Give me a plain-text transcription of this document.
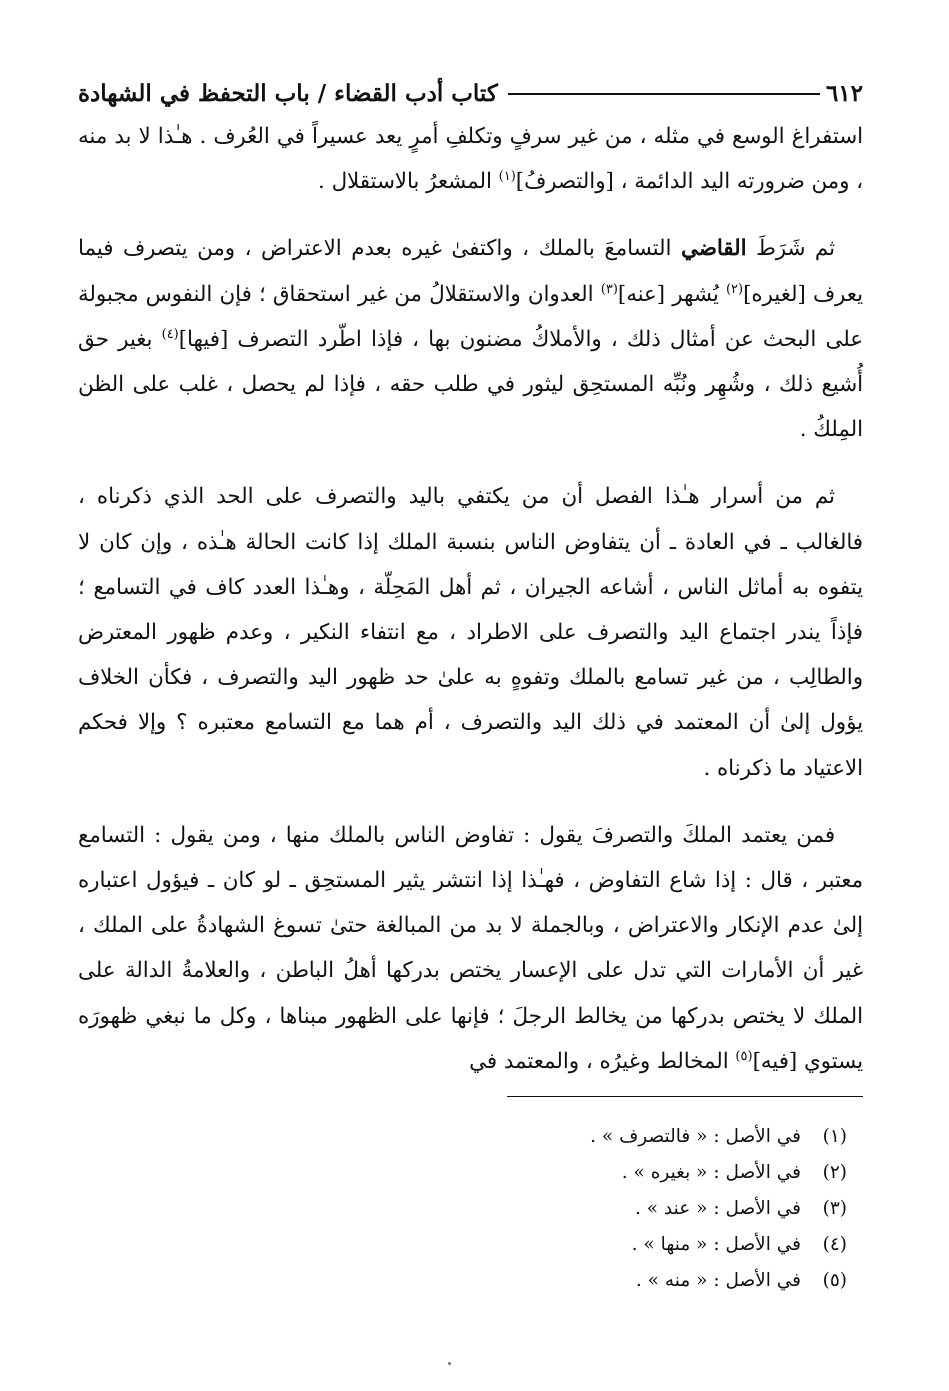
٦١٢
كتاب أدب القضاء / باب التحفظ في الشهادة

استفراغ الوسع في مثله ، من غير سرفٍ وتكلفِ أمرٍ يعد عسيراً في العُرف . هـٰذا لا بد منه ، ومن ضرورته اليد الدائمة ، [والتصرفُ]$^{(١)}$ المشعرُ بالاستقلال .

ثم شَرَطَ القاضي التسامعَ بالملك ، واكتفىٰ غيره بعدم الاعتراض ، ومن يتصرف فيما يعرف [لغيره]$^{(٢)}$ يُشهر [عنه]$^{(٣)}$ العدوان والاستقلالُ من غير استحقاق ؛ فإن النفوس مجبولة على البحث عن أمثال ذلك ، والأملاكُ مضنون بها ، فإذا اطّرد التصرف [فيها]$^{(٤)}$ بغير حق أُشيع ذلك ، وشُهِر ونُبِّه المستحِق ليثور في طلب حقه ، فإذا لم يحصل ، غلب على الظن المِلكُ .

ثم من أسرار هـٰذا الفصل أن من يكتفي باليد والتصرف على الحد الذي ذكرناه ، فالغالب ـ في العادة ـ أن يتفاوض الناس بنسبة الملك إذا كانت الحالة هـٰذه ، وإن كان لا يتفوه به أماثل الناس ، أشاعه الجيران ، ثم أهل المَحِلّة ، وهـٰذا العدد كاف في التسامع ؛ فإذاً يندر اجتماع اليد والتصرف على الاطراد ، مع انتفاء النكير ، وعدم ظهور المعترض والطالِب ، من غير تسامع بالملك وتفوهٍ به علىٰ حد ظهور اليد والتصرف ، فكأن الخلاف يؤول إلىٰ أن المعتمد في ذلك اليد والتصرف ، أم هما مع التسامع معتبره ؟ وإلا فحكم الاعتياد ما ذكرناه .

فمن يعتمد الملكَ والتصرفَ يقول : تفاوض الناس بالملك منها ، ومن يقول : التسامع معتبر ، قال : إذا شاع التفاوض ، فهـٰذا إذا انتشر يثير المستحِق ـ لو كان ـ فيؤول اعتباره إلىٰ عدم الإنكار والاعتراض ، وبالجملة لا بد من المبالغة حتىٰ تسوغ الشهادةُ على الملك ، غير أن الأمارات التي تدل على الإعسار يختص بدركها أهلُ الباطن ، والعلامةُ الدالة على الملك لا يختص بدركها من يخالط الرجلَ ؛ فإنها على الظهور مبناها ، وكل ما نبغي ظهورَه يستوي [فيه]$^{(٥)}$ المخالط وغيرُه ، والمعتمد في

(١)
في الأصل : « فالتصرف » .
(٢)
في الأصل : « بغيره » .
(٣)
في الأصل : « عند » .
(٤)
في الأصل : « منها » .
(٥)
في الأصل : « منه » .
